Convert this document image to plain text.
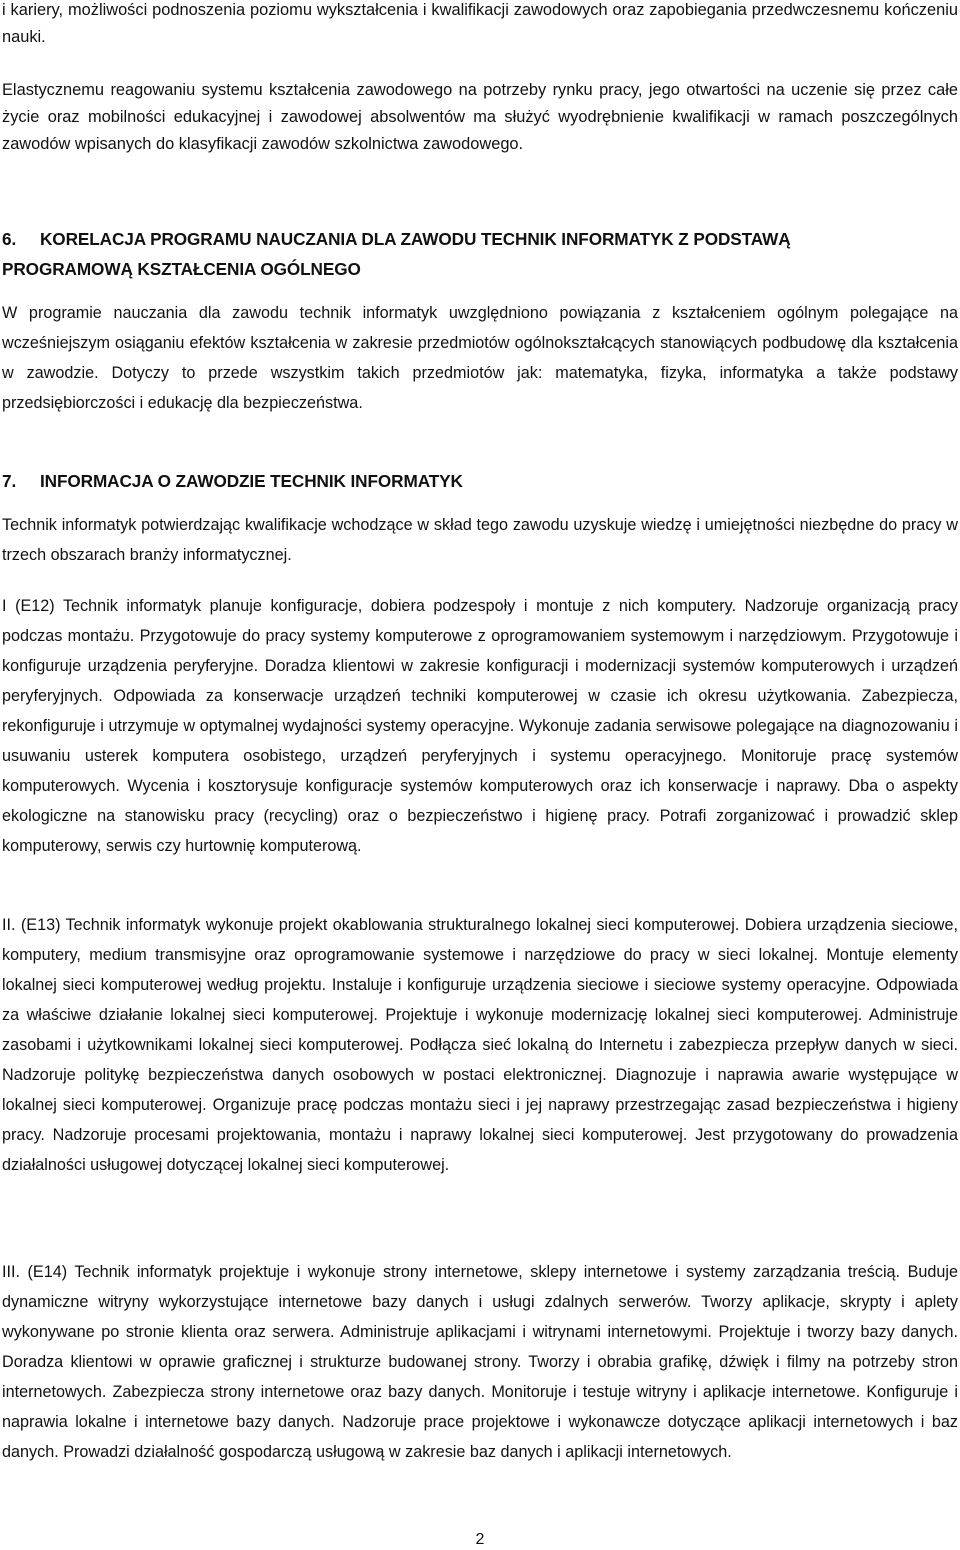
i kariery, możliwości podnoszenia poziomu wykształcenia i kwalifikacji zawodowych oraz zapobiegania przedwczesnemu kończeniu nauki.

Elastycznemu reagowaniu systemu kształcenia zawodowego na potrzeby rynku pracy, jego otwartości na uczenie się przez całe życie oraz mobilności edukacyjnej i zawodowej absolwentów ma służyć wyodrębnienie kwalifikacji w ramach poszczególnych zawodów wpisanych do klasyfikacji zawodów szkolnictwa zawodowego.

6. KORELACJA PROGRAMU NAUCZANIA DLA ZAWODU TECHNIK INFORMATYK Z PODSTAWĄ
PROGRAMOWĄ KSZTAŁCENIA OGÓLNEGO

W programie nauczania dla zawodu technik informatyk uwzględniono powiązania z kształceniem ogólnym polegające na wcześniejszym osiąganiu efektów kształcenia w zakresie przedmiotów ogólnokształcących stanowiących podbudowę dla kształcenia w zawodzie. Dotyczy to przede wszystkim takich przedmiotów jak: matematyka, fizyka, informatyka a także podstawy przedsiębiorczości i edukację dla bezpieczeństwa.

7. INFORMACJA O ZAWODZIE TECHNIK INFORMATYK

Technik informatyk potwierdzając kwalifikacje wchodzące w skład tego zawodu uzyskuje wiedzę i umiejętności niezbędne do pracy w trzech obszarach branży informatycznej.

I (E12) Technik informatyk planuje konfiguracje, dobiera podzespoły i montuje z nich komputery. Nadzoruje organizacją pracy podczas montażu. Przygotowuje do pracy systemy komputerowe z oprogramowaniem systemowym i narzędziowym. Przygotowuje i konfiguruje urządzenia peryferyjne. Doradza klientowi w zakresie konfiguracji i modernizacji systemów komputerowych i urządzeń peryferyjnych. Odpowiada za konserwacje urządzeń techniki komputerowej w czasie ich okresu użytkowania. Zabezpiecza, rekonfiguruje i utrzymuje w optymalnej wydajności systemy operacyjne. Wykonuje zadania serwisowe polegające na diagnozowaniu i usuwaniu usterek komputera osobistego, urządzeń peryferyjnych i systemu operacyjnego. Monitoruje pracę systemów komputerowych. Wycenia i kosztorysuje konfiguracje systemów komputerowych oraz ich konserwacje i naprawy. Dba o aspekty ekologiczne na stanowisku pracy (recycling) oraz o bezpieczeństwo i higienę pracy. Potrafi zorganizować i prowadzić sklep komputerowy, serwis czy hurtownię komputerową.

II. (E13) Technik informatyk wykonuje projekt okablowania strukturalnego lokalnej sieci komputerowej. Dobiera urządzenia sieciowe, komputery, medium transmisyjne oraz oprogramowanie systemowe i narzędziowe do pracy w sieci lokalnej. Montuje elementy lokalnej sieci komputerowej według projektu. Instaluje i konfiguruje urządzenia sieciowe i sieciowe systemy operacyjne. Odpowiada za właściwe działanie lokalnej sieci komputerowej. Projektuje i wykonuje modernizację lokalnej sieci komputerowej. Administruje zasobami i użytkownikami lokalnej sieci komputerowej. Podłącza sieć lokalną do Internetu i zabezpiecza przepływ danych w sieci. Nadzoruje politykę bezpieczeństwa danych osobowych w postaci elektronicznej. Diagnozuje i naprawia awarie występujące w lokalnej sieci komputerowej. Organizuje pracę podczas montażu sieci i jej naprawy przestrzegając zasad bezpieczeństwa i higieny pracy. Nadzoruje procesami projektowania, montażu i naprawy lokalnej sieci komputerowej. Jest przygotowany do prowadzenia działalności usługowej dotyczącej lokalnej sieci komputerowej.

III. (E14) Technik informatyk projektuje i wykonuje strony internetowe, sklepy internetowe i systemy zarządzania treścią. Buduje dynamiczne witryny wykorzystujące internetowe bazy danych i usługi zdalnych serwerów. Tworzy aplikacje, skrypty i aplety wykonywane po stronie klienta oraz serwera. Administruje aplikacjami i witrynami internetowymi. Projektuje i tworzy bazy danych. Doradza klientowi w oprawie graficznej i strukturze budowanej strony. Tworzy i obrabia grafikę, dźwięk i filmy na potrzeby stron internetowych. Zabezpiecza strony internetowe oraz bazy danych. Monitoruje i testuje witryny i aplikacje internetowe. Konfiguruje i naprawia lokalne i internetowe bazy danych. Nadzoruje prace projektowe i wykonawcze dotyczące aplikacji internetowych i baz danych. Prowadzi działalność gospodarczą usługową w zakresie baz danych i aplikacji internetowych.

2
